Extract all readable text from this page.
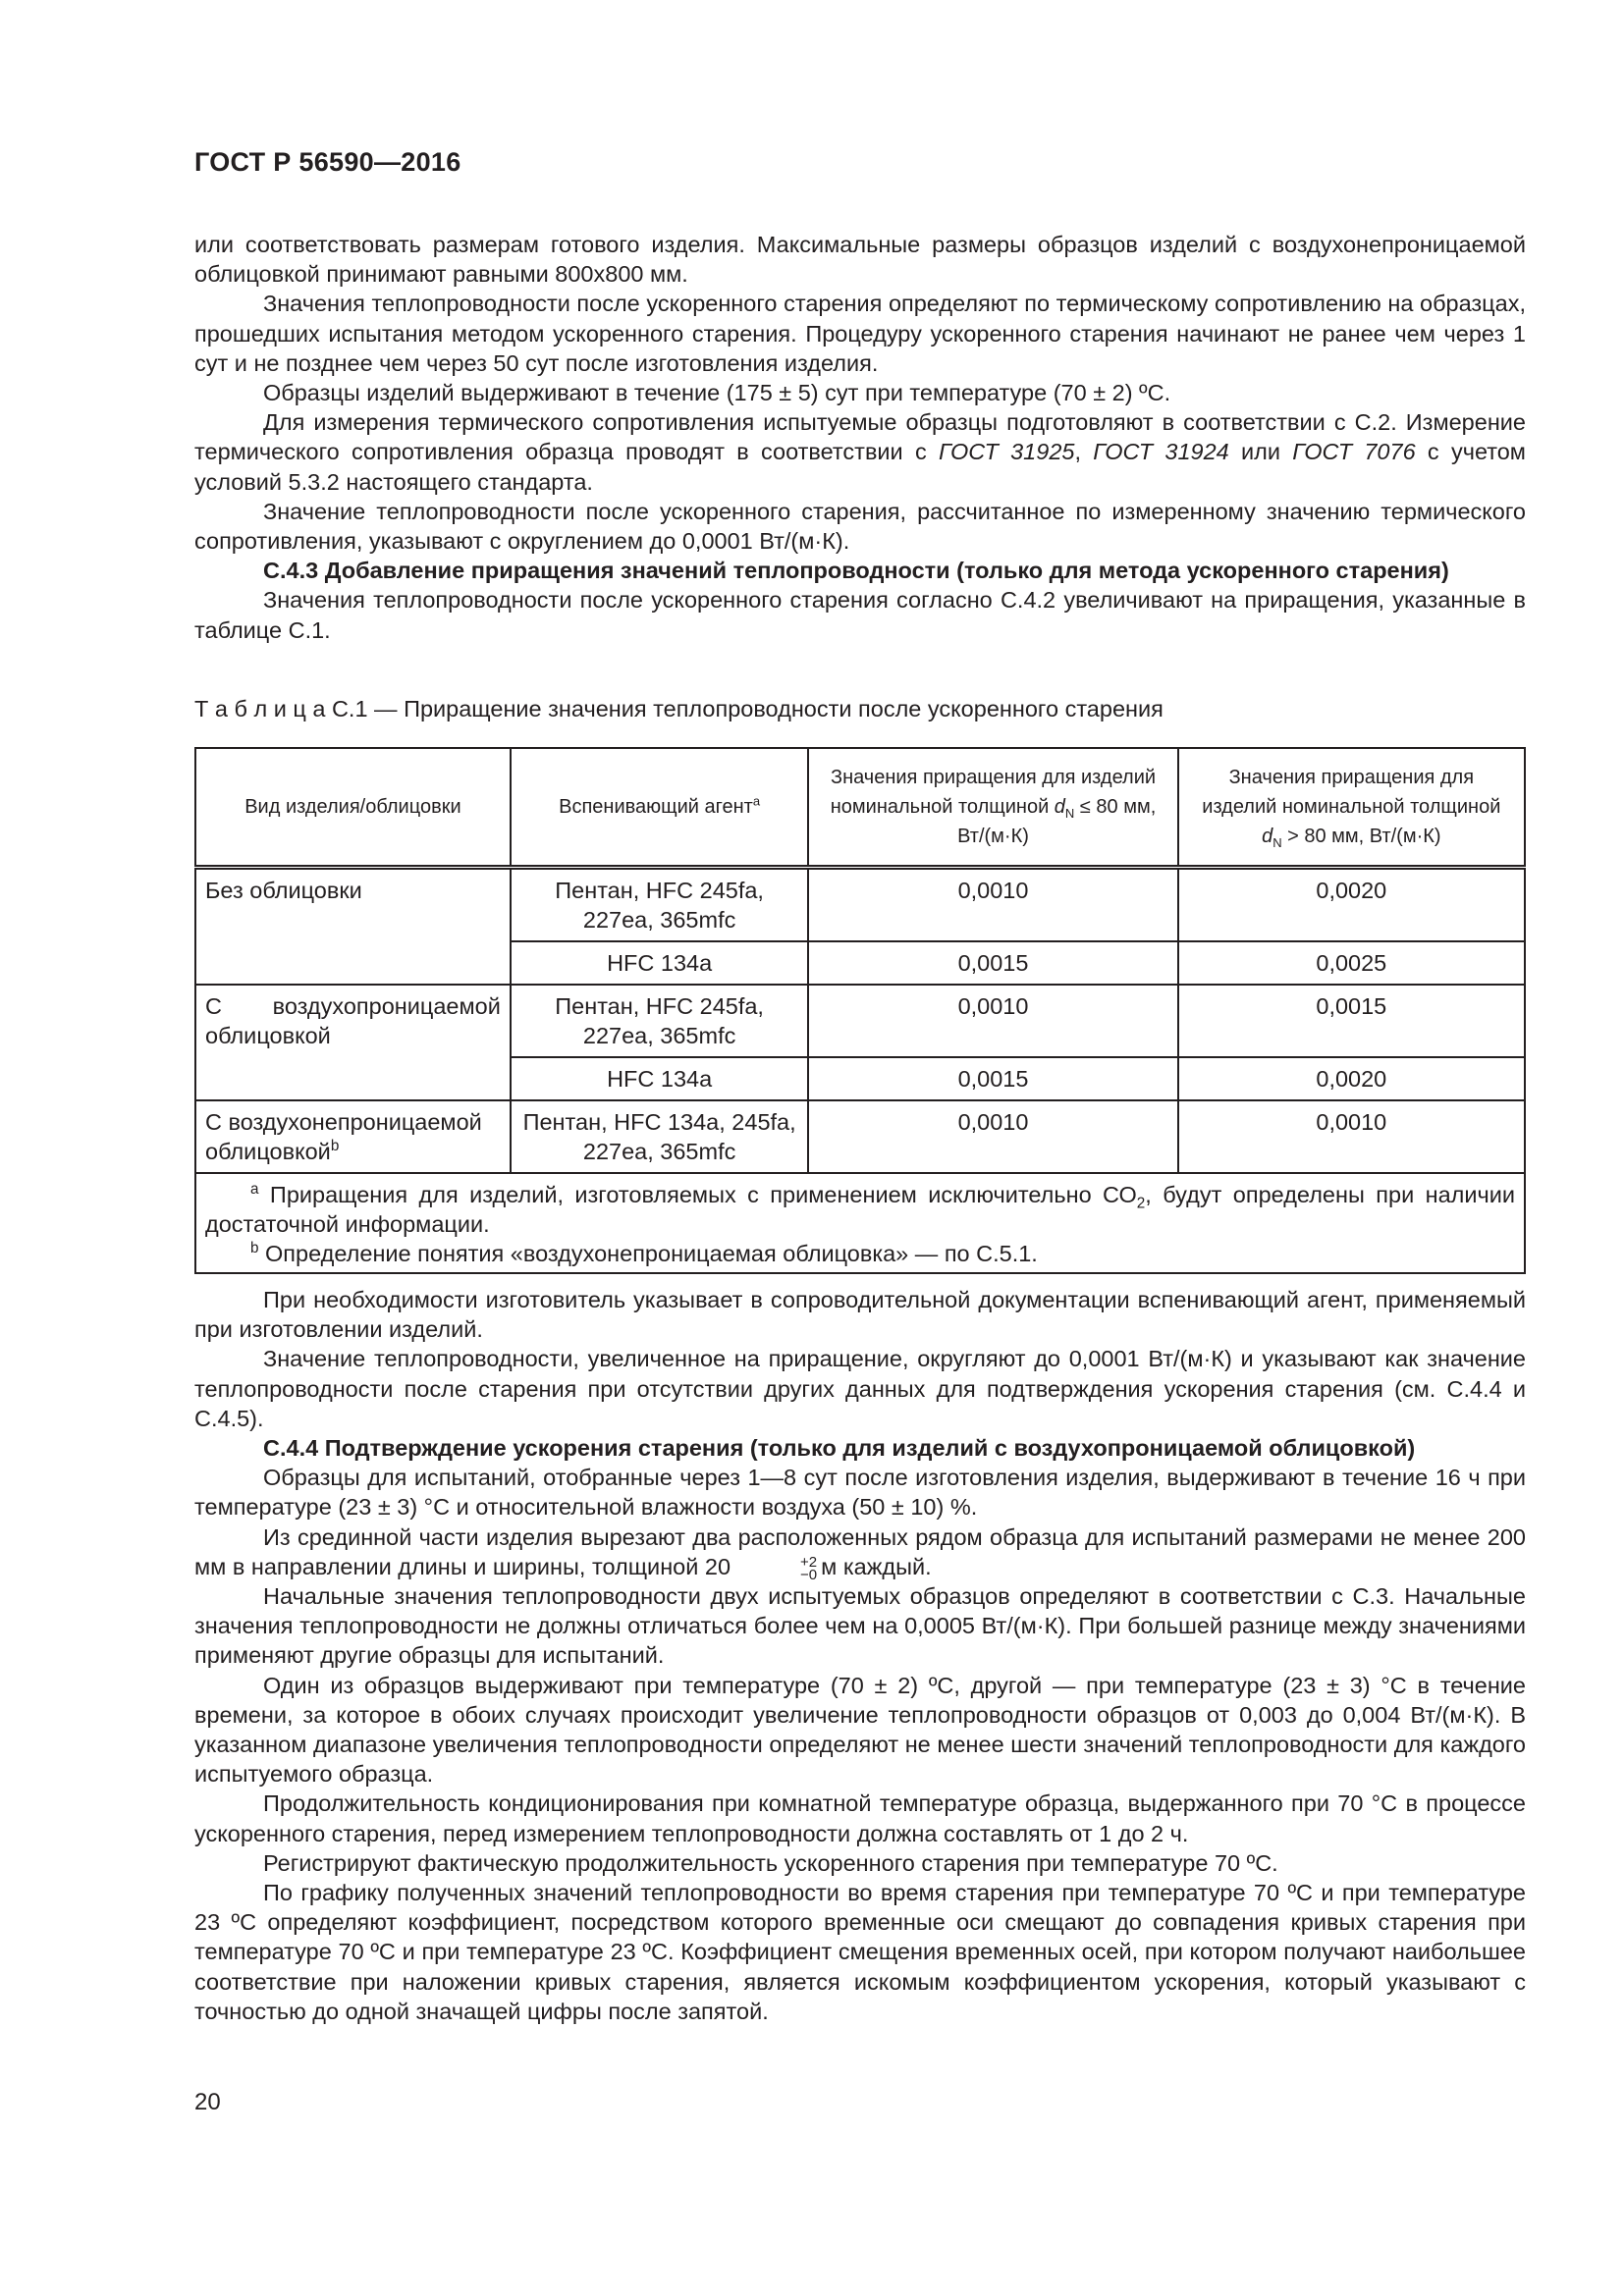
ГОСТ Р 56590—2016

или соответствовать размерам готового изделия. Максимальные размеры образцов изделий с воздухонепроницаемой облицовкой принимают равными 800х800 мм.

Значения теплопроводности после ускоренного старения определяют по термическому сопротивлению на образцах, прошедших испытания методом ускоренного старения. Процедуру ускоренного старения начинают не ранее чем через 1 сут и не позднее чем через 50 сут после изготовления изделия.

Образцы изделий выдерживают в течение (175 ± 5) сут при температуре (70 ± 2) ºС.

Для измерения термического сопротивления испытуемые образцы подготовляют в соответствии с С.2. Измерение термического сопротивления образца проводят в соответствии с ГОСТ 31925, ГОСТ 31924 или ГОСТ 7076 с учетом условий 5.3.2 настоящего стандарта.

Значение теплопроводности после ускоренного старения, рассчитанное по измеренному значению термического сопротивления, указывают с округлением до 0,0001 Вт/(м·К).

С.4.3 Добавление приращения значений теплопроводности (только для метода ускоренного старения)

Значения теплопроводности после ускоренного старения согласно С.4.2 увеличивают на приращения, указанные в таблице С.1.

Т а б л и ц а С.1 — Приращение значения теплопроводности после ускоренного старения
Вид изделия/облицовки	Вспенивающий агент$^a$	Значения приращения для изделий номинальной толщиной $d_N \le 80$ мм, Вт/(м·К)	Значения приращения для изделий номинальной толщиной $d_N > 80$ мм, Вт/(м·К)
Без облицовки	Пентан, HFC 245fa, 227ea, 365mfc	0,0010	0,0020
	HFC 134a	0,0015	0,0025

С воздухопроницаемой
облицовкой	Пентан, HFC 245fa, 227ea, 365mfc	0,0010	0,0015
	HFC 134a	0,0015	0,0020

С воздухонепроницаемой
облицовкой$^b$	Пентан, HFC 134a, 245fa, 227ea, 365mfc	0,0010	0,0010

$^a$ Приращения для изделий, изготовляемых с применением исключительно $СО_2$, будут определены при наличии достаточной информации.

$^b$ Определение понятия «воздухонепроницаемая облицовка» — по С.5.1.			

При необходимости изготовитель указывает в сопроводительной документации вспенивающий агент, применяемый при изготовлении изделий.

Значение теплопроводности, увеличенное на приращение, округляют до 0,0001 Вт/(м·К) и указывают как значение теплопроводности после старения при отсутствии других данных для подтверждения ускорения старения (см. С.4.4 и С.4.5).

С.4.4 Подтверждение ускорения старения (только для изделий с воздухопроницаемой облицовкой)

Образцы для испытаний, отобранные через 1—8 сут после изготовления изделия, выдерживают в течение 16 ч при температуре (23 ± 3) °С и относительной влажности воздуха (50 ± 10) %.

Из срединной части изделия вырезают два расположенных рядом образца для испытаний размерами не менее 200 мм в направлении длины и ширины, толщиной 20	+2
−0 м каждый.

Начальные значения теплопроводности двух испытуемых образцов определяют в соответствии с С.3. Начальные значения теплопроводности не должны отличаться более чем на 0,0005 Вт/(м·К). При большей разнице между значениями применяют другие образцы для испытаний.

Один из образцов выдерживают при температуре (70 ± 2) ºС, другой — при температуре (23 ± 3) °С в течение времени, за которое в обоих случаях происходит увеличение теплопроводности образцов от 0,003 до 0,004 Вт/(м·К). В указанном диапазоне увеличения теплопроводности определяют не менее шести значений теплопроводности для каждого испытуемого образца.

Продолжительность кондиционирования при комнатной температуре образца, выдержанного при 70 °С в процессе ускоренного старения, перед измерением теплопроводности должна составлять от 1 до 2 ч.

Регистрируют фактическую продолжительность ускоренного старения при температуре 70 ºС.

По графику полученных значений теплопроводности во время старения при температуре 70 ºС и при температуре 23 ºС определяют коэффициент, посредством которого временные оси смещают до совпадения кривых старения при температуре 70 ºС и при температуре 23 ºС. Коэффициент смещения временных осей, при котором получают наибольшее соответствие при наложении кривых старения, является искомым коэффициентом ускорения, который указывают с точностью до одной значащей цифры после запятой.

20
